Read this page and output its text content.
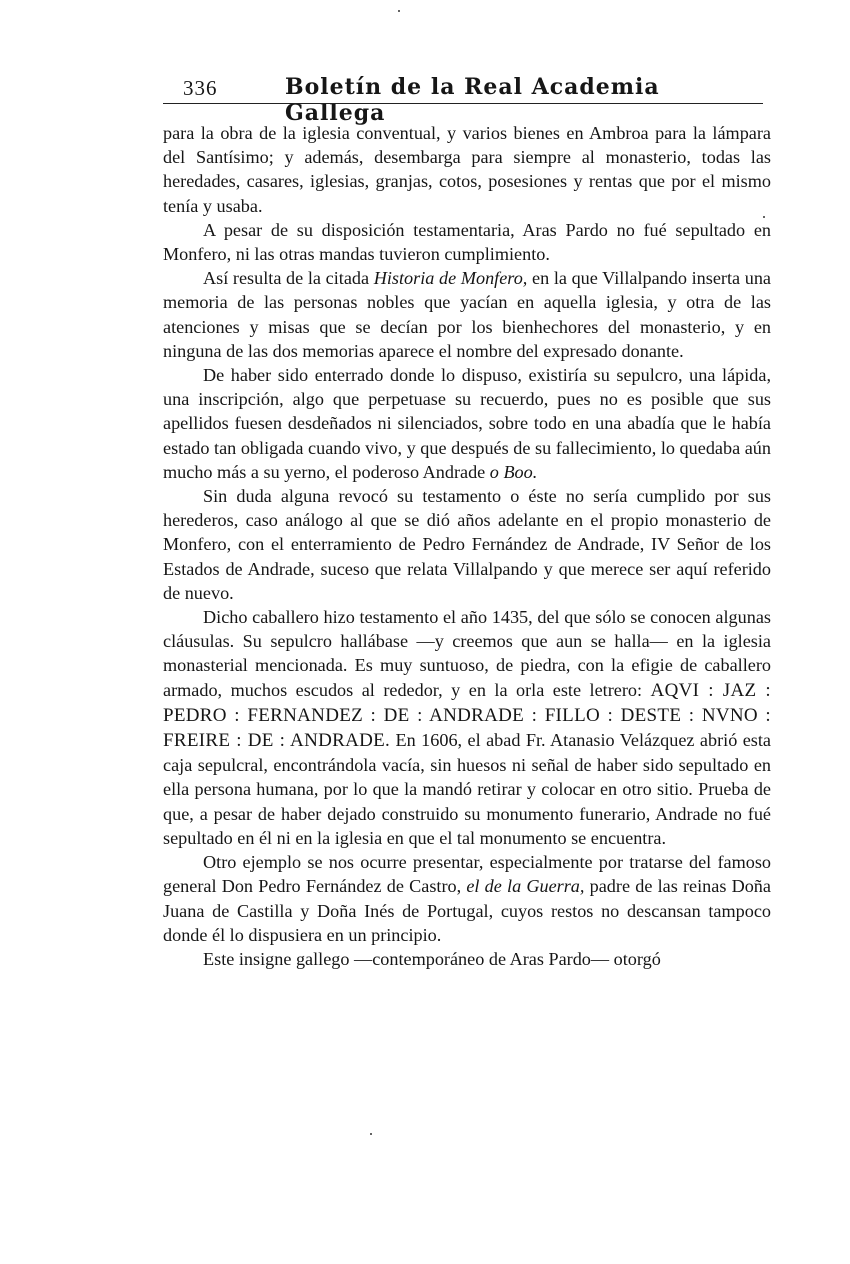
336	Boletín de la Real Academia Gallega

para la obra de la iglesia conventual, y varios bienes en Ambroa para la lámpara del Santísimo; y además, desembarga para siempre al monasterio, todas las heredades, casares, iglesias, granjas, cotos, posesiones y rentas que por el mismo tenía y usaba.

A pesar de su disposición testamentaria, Aras Pardo no fué sepultado en Monfero, ni las otras mandas tuvieron cumplimiento.

Así resulta de la citada Historia de Monfero, en la que Villalpando inserta una memoria de las personas nobles que yacían en aquella iglesia, y otra de las atenciones y misas que se decían por los bienhechores del monasterio, y en ninguna de las dos memorias aparece el nombre del expresado donante.

De haber sido enterrado donde lo dispuso, existiría su sepulcro, una lápida, una inscripción, algo que perpetuase su recuerdo, pues no es posible que sus apellidos fuesen desdeñados ni silenciados, sobre todo en una abadía que le había estado tan obligada cuando vivo, y que después de su fallecimiento, lo quedaba aún mucho más a su yerno, el poderoso Andrade o Boo.

Sin duda alguna revocó su testamento o éste no sería cumplido por sus herederos, caso análogo al que se dió años adelante en el propio monasterio de Monfero, con el enterramiento de Pedro Fernández de Andrade, IV Señor de los Estados de Andrade, suceso que relata Villalpando y que merece ser aquí referido de nuevo.

Dicho caballero hizo testamento el año 1435, del que sólo se conocen algunas cláusulas. Su sepulcro hallábase —y creemos que aun se halla— en la iglesia monasterial mencionada. Es muy suntuoso, de piedra, con la efigie de caballero armado, muchos escudos al rededor, y en la orla este letrero: AQVI : JAZ : PEDRO : FERNANDEZ : DE : ANDRADE : FILLO : DESTE : NVNO : FREIRE : DE : ANDRADE. En 1606, el abad Fr. Atanasio Velázquez abrió esta caja sepulcral, encontrándola vacía, sin huesos ni señal de haber sido sepultado en ella persona humana, por lo que la mandó retirar y colocar en otro sitio. Prueba de que, a pesar de haber dejado construido su monumento funerario, Andrade no fué sepultado en él ni en la iglesia en que el tal monumento se encuentra.

Otro ejemplo se nos ocurre presentar, especialmente por tratarse del famoso general Don Pedro Fernández de Castro, el de la Guerra, padre de las reinas Doña Juana de Castilla y Doña Inés de Portugal, cuyos restos no descansan tampoco donde él lo dispusiera en un principio.

Este insigne gallego —contemporáneo de Aras Pardo— otorgó
